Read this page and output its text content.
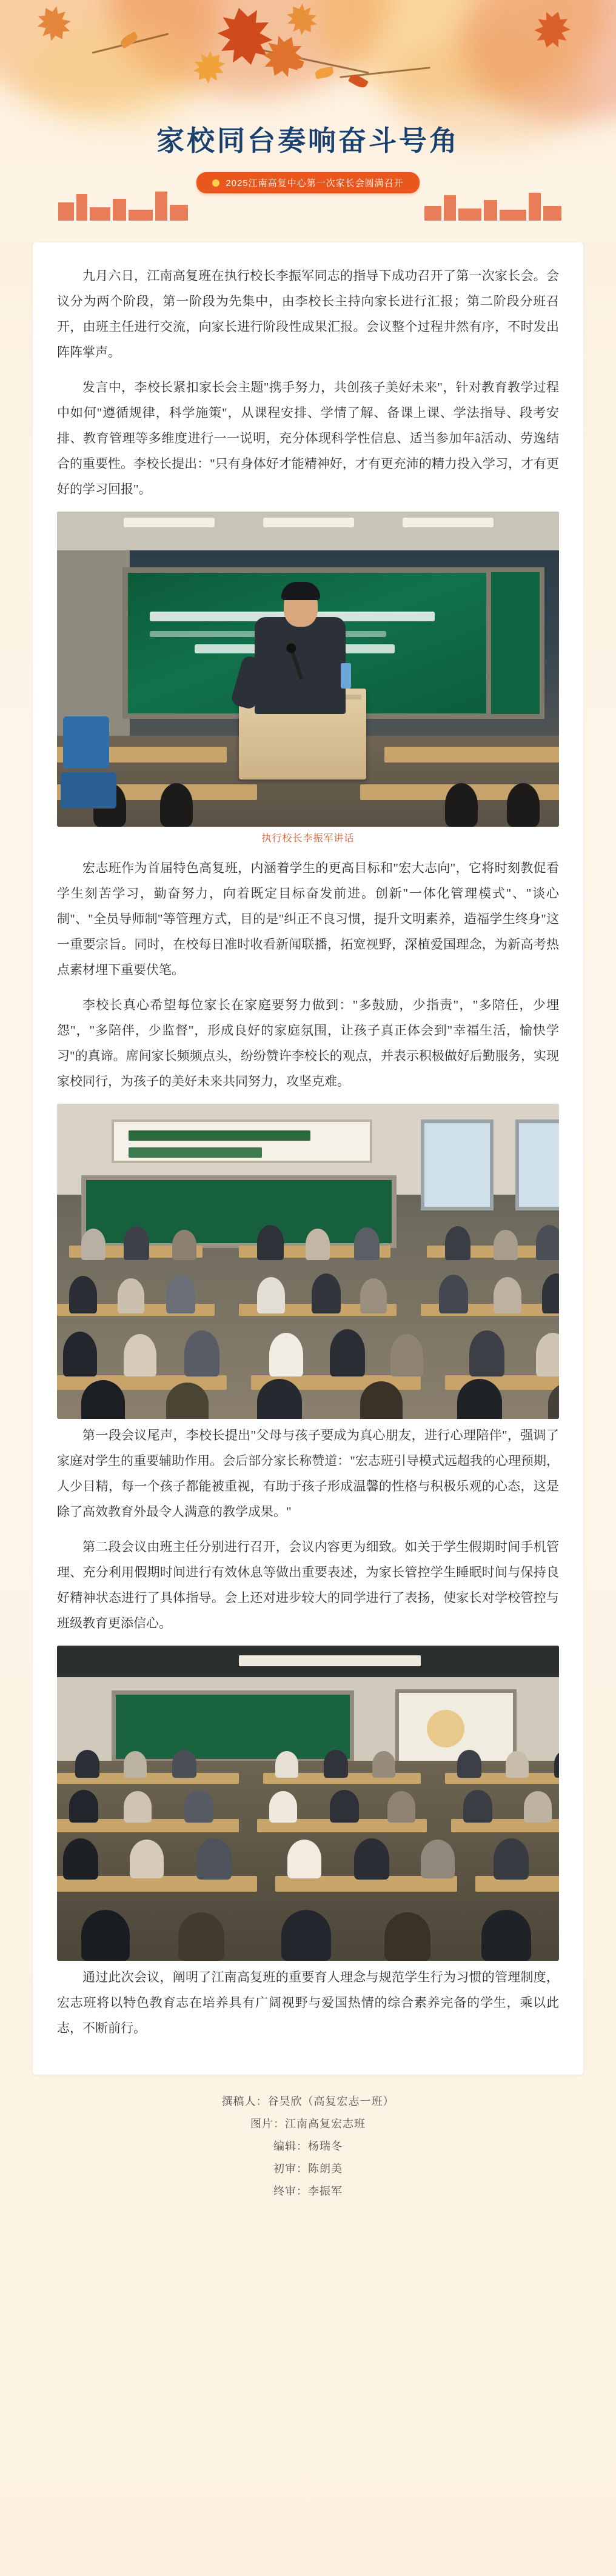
家校同台奏响奋斗号角
2025江南高复中心第一次家长会圆满召开

九月六日，江南高复班在执行校长李振军同志的指导下成功召开了第一次家长会。会议分为两个阶段，第一阶段为先集中，由李校长主持向家长进行汇报；第二阶段分班召开，由班主任进行交流，向家长进行阶段性成果汇报。会议整个过程井然有序，不时发出阵阵掌声。

发言中，李校长紧扣家长会主题"携手努力，共创孩子美好未来"，针对教育教学过程中如何"遵循规律，科学施策"，从课程安排、学情了解、备课上课、学法指导、段考安排、教育管理等多维度进行一一说明，充分体现科学性信息、适当参加年â活动、劳逸结合的重要性。李校长提出："只有身体好才能精神好，才有更充沛的精力投入学习，才有更好的学习回报"。

执行校长李振军讲话

宏志班作为首届特色高复班，内涵着学生的更高目标和"宏大志向"，它将时刻教促看学生刻苦学习，勤奋努力，向着既定目标奋发前进。创新"一体化管理模式"、"谈心制"、"全员导师制"等管理方式，目的是"纠正不良习惯，提升文明素养，造福学生终身"这一重要宗旨。同时，在校每日准时收看新闻联播，拓宽视野，深植爱国理念，为新高考热点素材埋下重要伏笔。

李校长真心希望每位家长在家庭要努力做到："多鼓励，少指责"，"多陪任，少埋怨"，"多陪伴，少监督"，形成良好的家庭氛围，让孩子真正体会到"幸福生活，愉快学习"的真谛。席间家长频频点头，纷纷赞许李校长的观点，并表示积极做好后勤服务，实现家校同行，为孩子的美好未来共同努力，攻坚克难。

第一段会议尾声，李校长提出"父母与孩子要成为真心朋友，进行心理陪伴"，强调了家庭对学生的重要辅助作用。会后部分家长称赞道："宏志班引导模式远超我的心理预期，人少目精，每一个孩子都能被重视，有助于孩子形成温馨的性格与积极乐观的心态，这是除了高效教育外最令人满意的教学成果。"

第二段会议由班主任分别进行召开，会议内容更为细致。如关于学生假期时间手机管理、充分利用假期时间进行有效休息等做出重要表述，为家长管控学生睡眠时间与保持良好精神状态进行了具体指导。会上还对进步较大的同学进行了表扬，使家长对学校管控与班级教育更添信心。

通过此次会议，阐明了江南高复班的重要育人理念与规范学生行为习惯的管理制度，宏志班将以特色教育志在培养具有广阔视野与爱国热情的综合素养完备的学生，乘以此志，不断前行。

撰稿人：谷昊欣（高复宏志一班）
图片：江南高复宏志班
编辑：杨瑞冬
初审：陈朗美
终审：李振军
